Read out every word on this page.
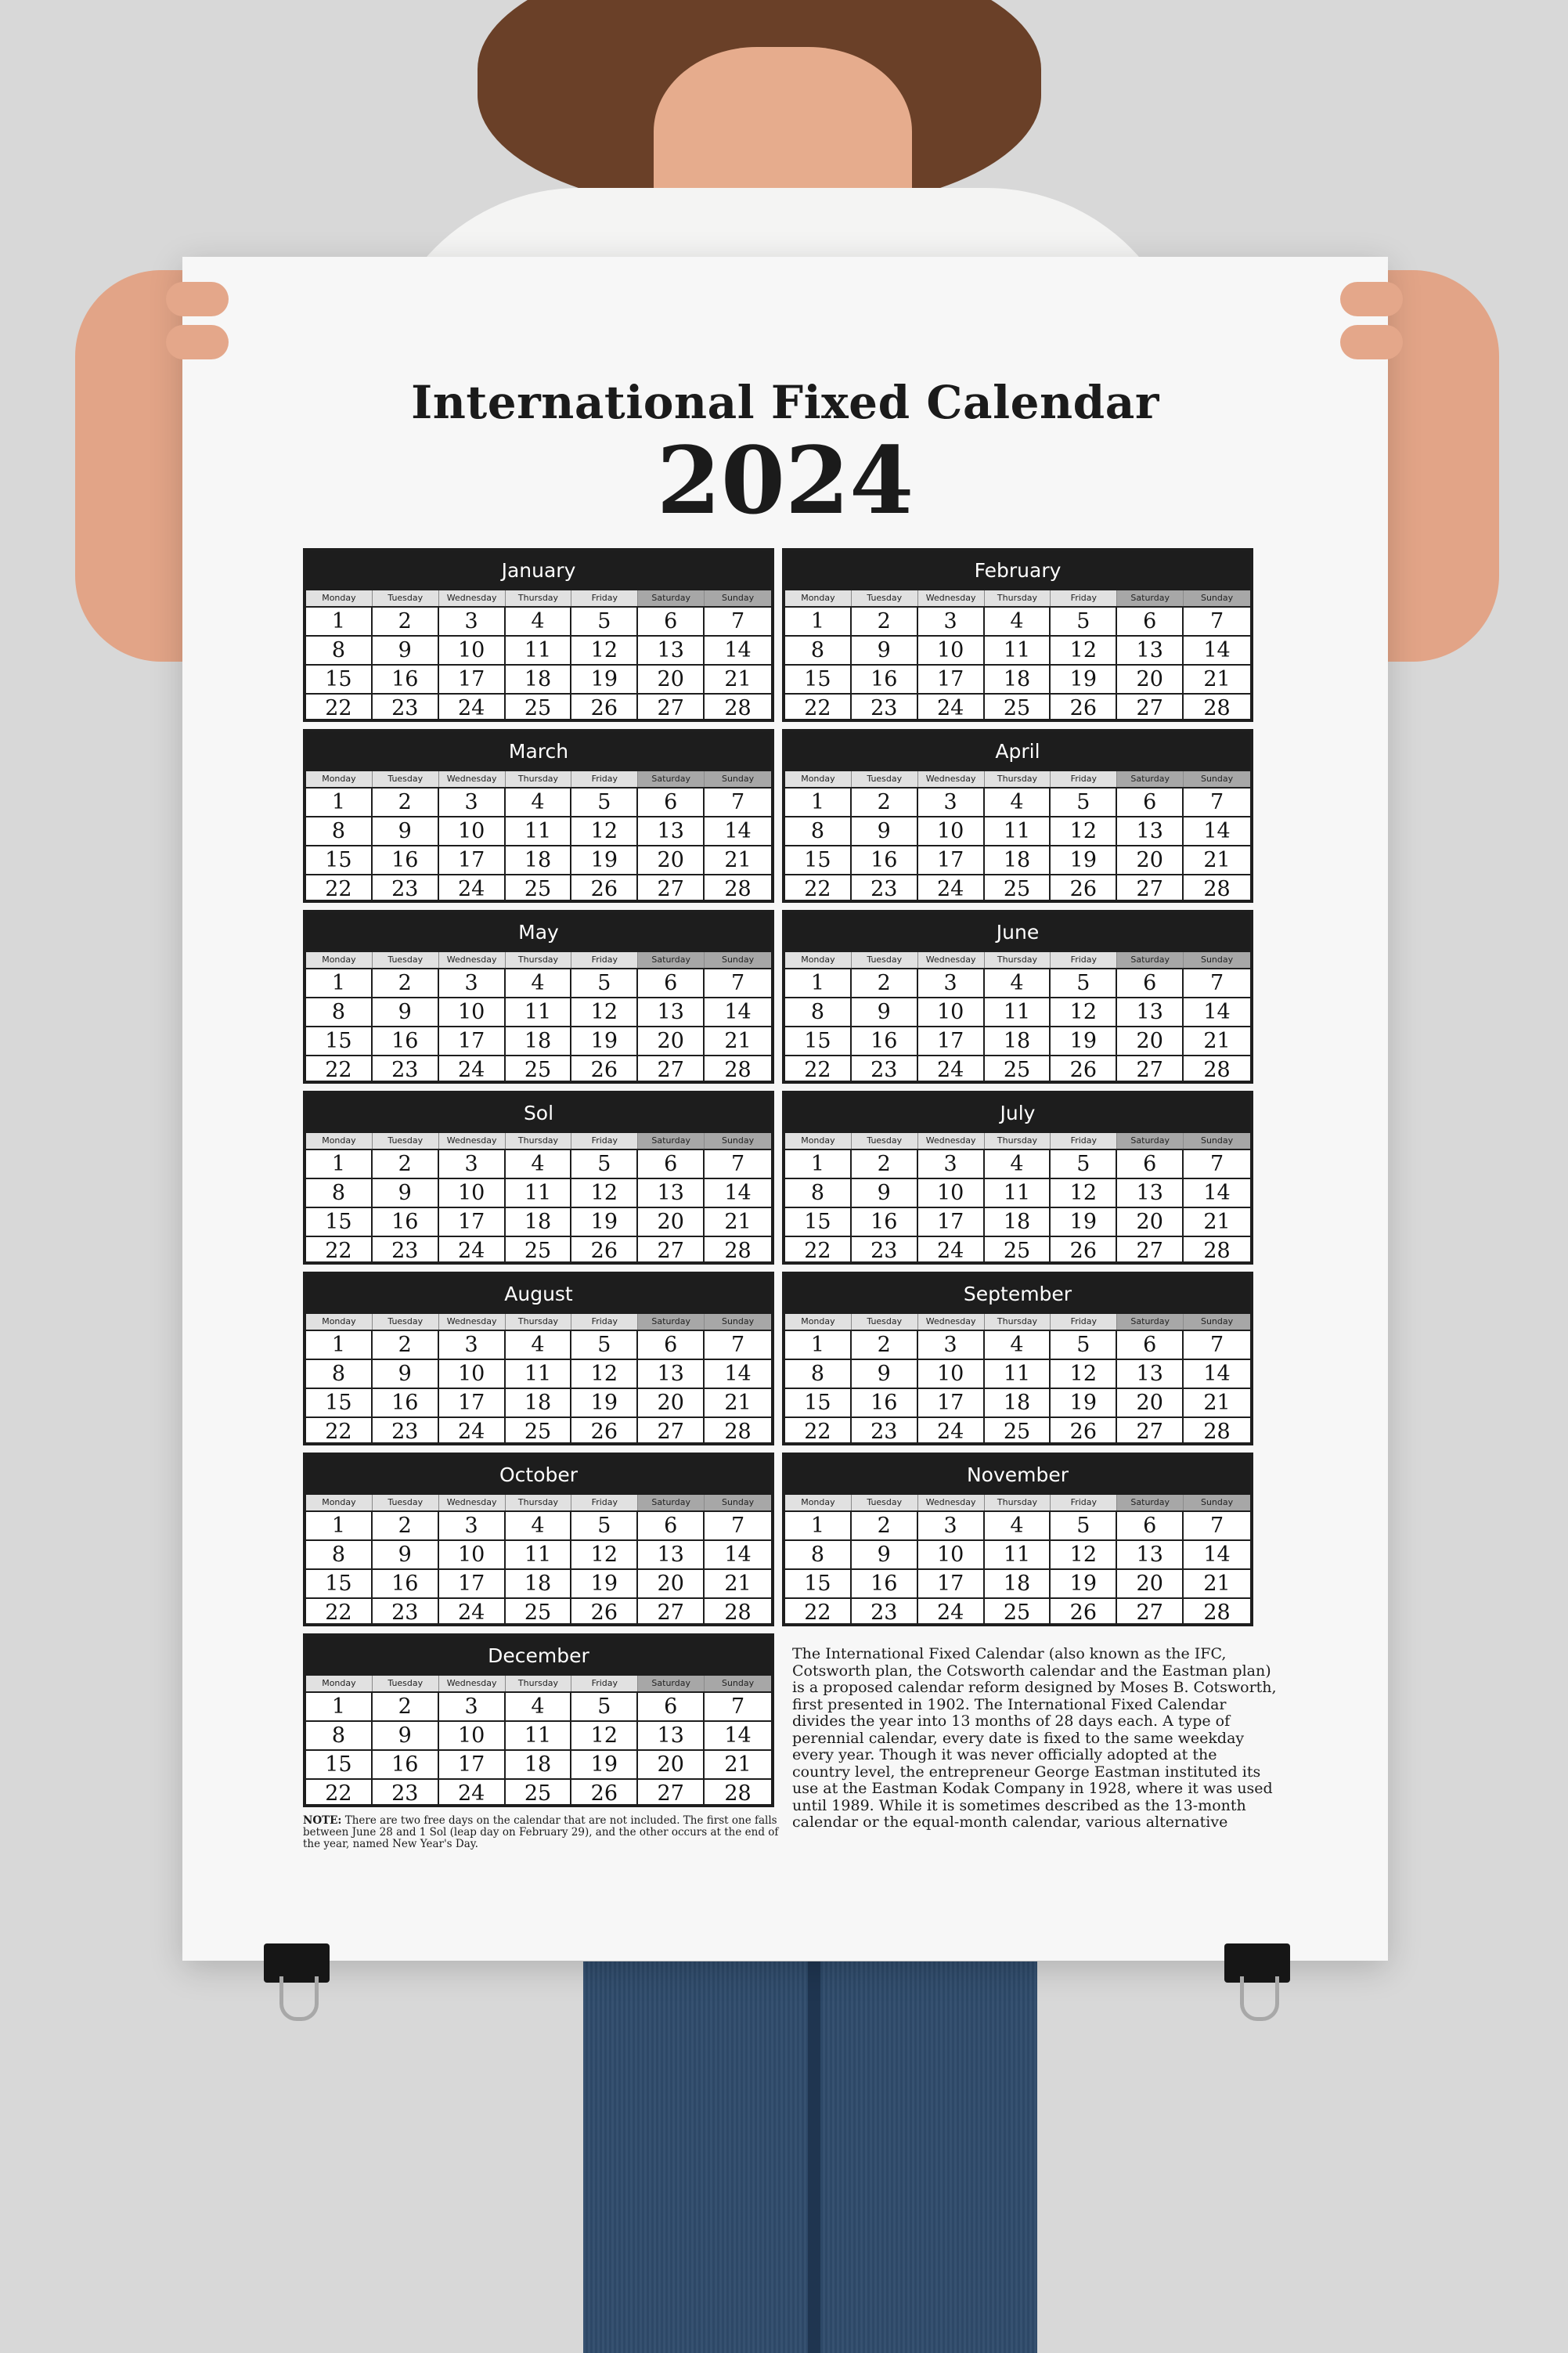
International Fixed Calendar
2024
January
Monday	Tuesday	Wednesday	Thursday	Friday	Saturday	Sunday
1	2	3	4	5	6	7
8	9	10	11	12	13	14
15	16	17	18	19	20	21
22	23	24	25	26	27	28
February
Monday	Tuesday	Wednesday	Thursday	Friday	Saturday	Sunday
1	2	3	4	5	6	7
8	9	10	11	12	13	14
15	16	17	18	19	20	21
22	23	24	25	26	27	28
March
Monday	Tuesday	Wednesday	Thursday	Friday	Saturday	Sunday
1	2	3	4	5	6	7
8	9	10	11	12	13	14
15	16	17	18	19	20	21
22	23	24	25	26	27	28
April
Monday	Tuesday	Wednesday	Thursday	Friday	Saturday	Sunday
1	2	3	4	5	6	7
8	9	10	11	12	13	14
15	16	17	18	19	20	21
22	23	24	25	26	27	28
May
Monday	Tuesday	Wednesday	Thursday	Friday	Saturday	Sunday
1	2	3	4	5	6	7
8	9	10	11	12	13	14
15	16	17	18	19	20	21
22	23	24	25	26	27	28
June
Monday	Tuesday	Wednesday	Thursday	Friday	Saturday	Sunday
1	2	3	4	5	6	7
8	9	10	11	12	13	14
15	16	17	18	19	20	21
22	23	24	25	26	27	28
Sol
Monday	Tuesday	Wednesday	Thursday	Friday	Saturday	Sunday
1	2	3	4	5	6	7
8	9	10	11	12	13	14
15	16	17	18	19	20	21
22	23	24	25	26	27	28
July
Monday	Tuesday	Wednesday	Thursday	Friday	Saturday	Sunday
1	2	3	4	5	6	7
8	9	10	11	12	13	14
15	16	17	18	19	20	21
22	23	24	25	26	27	28
August
Monday	Tuesday	Wednesday	Thursday	Friday	Saturday	Sunday
1	2	3	4	5	6	7
8	9	10	11	12	13	14
15	16	17	18	19	20	21
22	23	24	25	26	27	28
September
Monday	Tuesday	Wednesday	Thursday	Friday	Saturday	Sunday
1	2	3	4	5	6	7
8	9	10	11	12	13	14
15	16	17	18	19	20	21
22	23	24	25	26	27	28
October
Monday	Tuesday	Wednesday	Thursday	Friday	Saturday	Sunday
1	2	3	4	5	6	7
8	9	10	11	12	13	14
15	16	17	18	19	20	21
22	23	24	25	26	27	28
November
Monday	Tuesday	Wednesday	Thursday	Friday	Saturday	Sunday
1	2	3	4	5	6	7
8	9	10	11	12	13	14
15	16	17	18	19	20	21
22	23	24	25	26	27	28
December
Monday	Tuesday	Wednesday	Thursday	Friday	Saturday	Sunday
1	2	3	4	5	6	7
8	9	10	11	12	13	14
15	16	17	18	19	20	21
22	23	24	25	26	27	28
NOTE: There are two free days on the calendar that are not included. The first one falls between June 28 and 1 Sol (leap day on February 29), and the other occurs at the end of the year, named New Year's Day.
The International Fixed Calendar (also known as the IFC, Cotsworth plan, the Cotsworth calendar and the Eastman plan) is a proposed calendar reform designed by Moses B. Cotsworth, first presented in 1902. The International Fixed Calendar divides the year into 13 months of 28 days each. A type of perennial calendar, every date is fixed to the same weekday every year. Though it was never officially adopted at the country level, the entrepreneur George Eastman instituted its use at the Eastman Kodak Company in 1928, where it was used until 1989. While it is sometimes described as the 13-month calendar or the equal-month calendar, various alternative
